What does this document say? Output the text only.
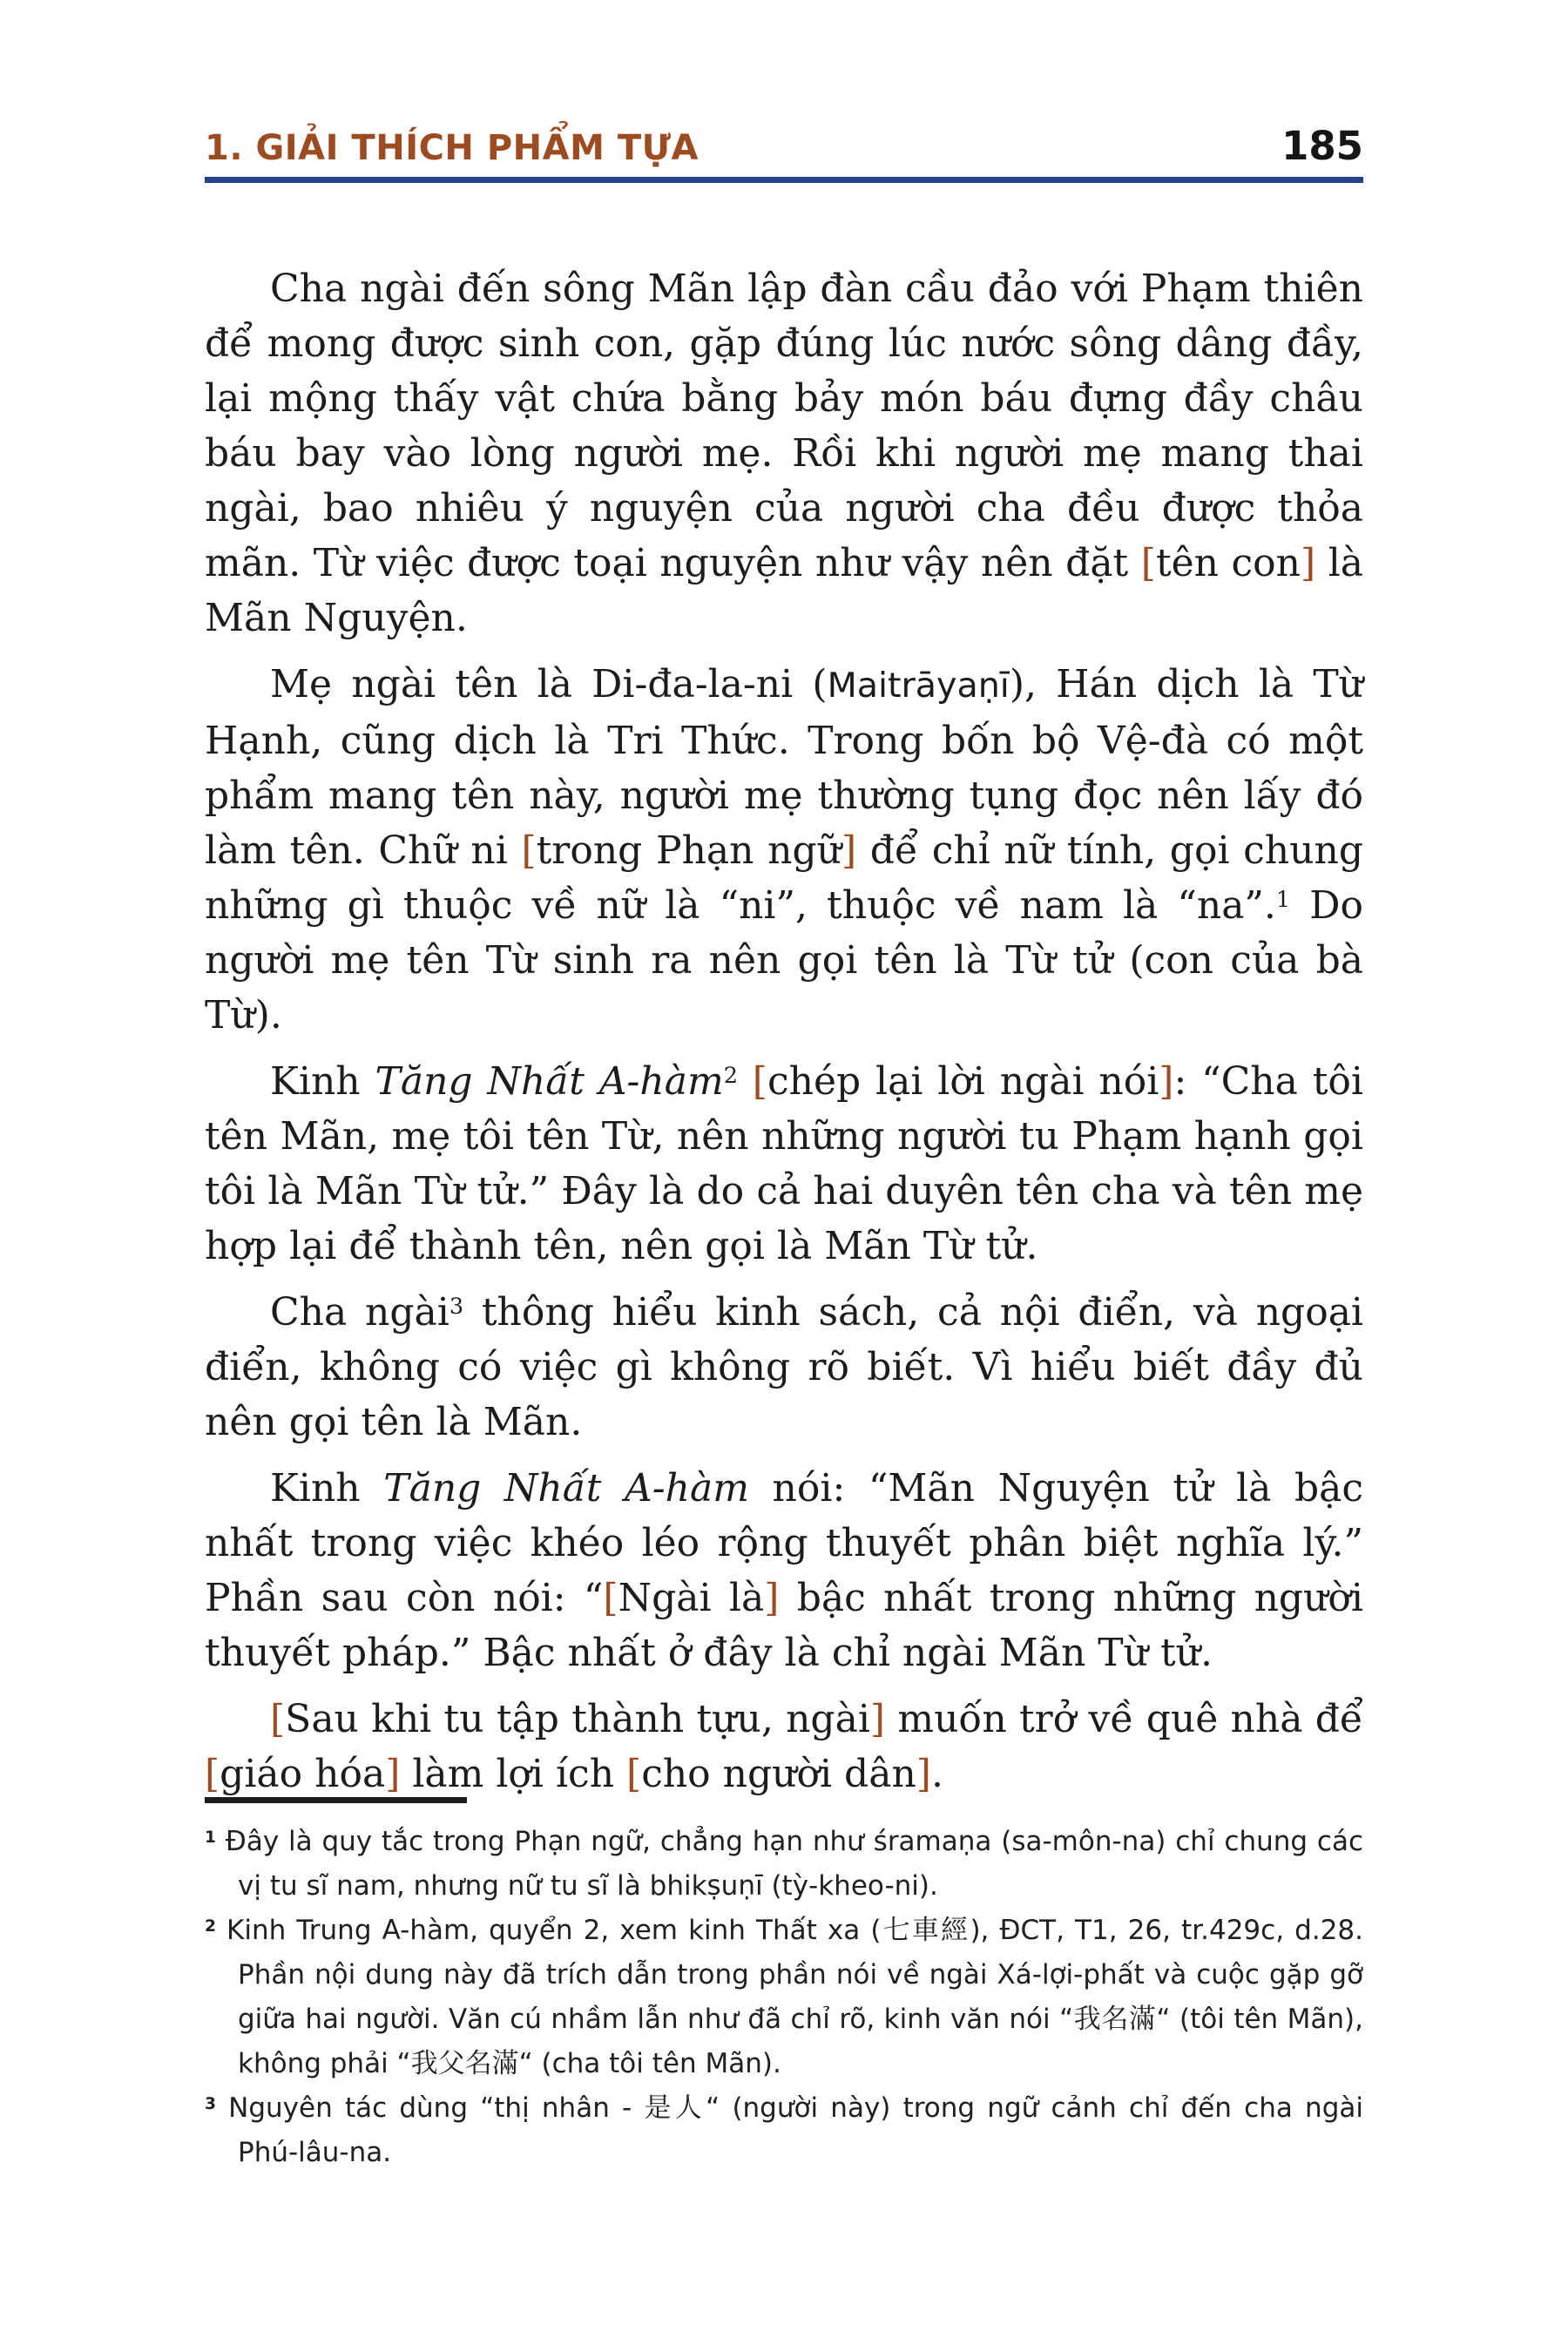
1. GIẢI THÍCH PHẨM TỰA	185

Cha ngài đến sông Mãn lập đàn cầu đảo với Phạm thiên để mong được sinh con, gặp đúng lúc nước sông dâng đầy, lại mộng thấy vật chứa bằng bảy món báu đựng đầy châu báu bay vào lòng người mẹ. Rồi khi người mẹ mang thai ngài, bao nhiêu ý nguyện của người cha đều được thỏa mãn. Từ việc được toại nguyện như vậy nên đặt [tên con] là Mãn Nguyện.

Mẹ ngài tên là Di-đa-la-ni (Maitrāyaṇī), Hán dịch là Từ Hạnh, cũng dịch là Tri Thức. Trong bốn bộ Vệ-đà có một phẩm mang tên này, người mẹ thường tụng đọc nên lấy đó làm tên. Chữ ni [trong Phạn ngữ] để chỉ nữ tính, gọi chung những gì thuộc về nữ là “ni”, thuộc về nam là “na”.$^1$ Do người mẹ tên Từ sinh ra nên gọi tên là Từ tử (con của bà Từ).

Kinh Tăng Nhất A-hàm$^2$ [chép lại lời ngài nói]: “Cha tôi tên Mãn, mẹ tôi tên Từ, nên những người tu Phạm hạnh gọi tôi là Mãn Từ tử.” Đây là do cả hai duyên tên cha và tên mẹ hợp lại để thành tên, nên gọi là Mãn Từ tử.

Cha ngài$^3$ thông hiểu kinh sách, cả nội điển, và ngoại điển, không có việc gì không rõ biết. Vì hiểu biết đầy đủ nên gọi tên là Mãn.

Kinh Tăng Nhất A-hàm nói: “Mãn Nguyện tử là bậc nhất trong việc khéo léo rộng thuyết phân biệt nghĩa lý.” Phần sau còn nói: “[Ngài là] bậc nhất trong những người thuyết pháp.” Bậc nhất ở đây là chỉ ngài Mãn Từ tử.

[Sau khi tu tập thành tựu, ngài] muốn trở về quê nhà để [giáo hóa] làm lợi ích [cho người dân].

$^1$ Đây là quy tắc trong Phạn ngữ, chẳng hạn như śramaṇa (sa-môn-na) chỉ chung các vị tu sĩ nam, nhưng nữ tu sĩ là bhikṣuṇī (tỳ-kheo-ni).

$^2$ Kinh Trung A-hàm, quyển 2, xem kinh Thất xa (七車經), ĐCT, T1, 26, tr.429c, d.28. Phần nội dung này đã trích dẫn trong phần nói về ngài Xá-lợi-phất và cuộc gặp gỡ giữa hai người. Văn cú nhầm lẫn như đã chỉ rõ, kinh văn nói “我名滿“ (tôi tên Mãn), không phải “我父名滿“ (cha tôi tên Mãn).

$^3$ Nguyên tác dùng “thị nhân - 是人“ (người này) trong ngữ cảnh chỉ đến cha ngài Phú-lâu-na.
